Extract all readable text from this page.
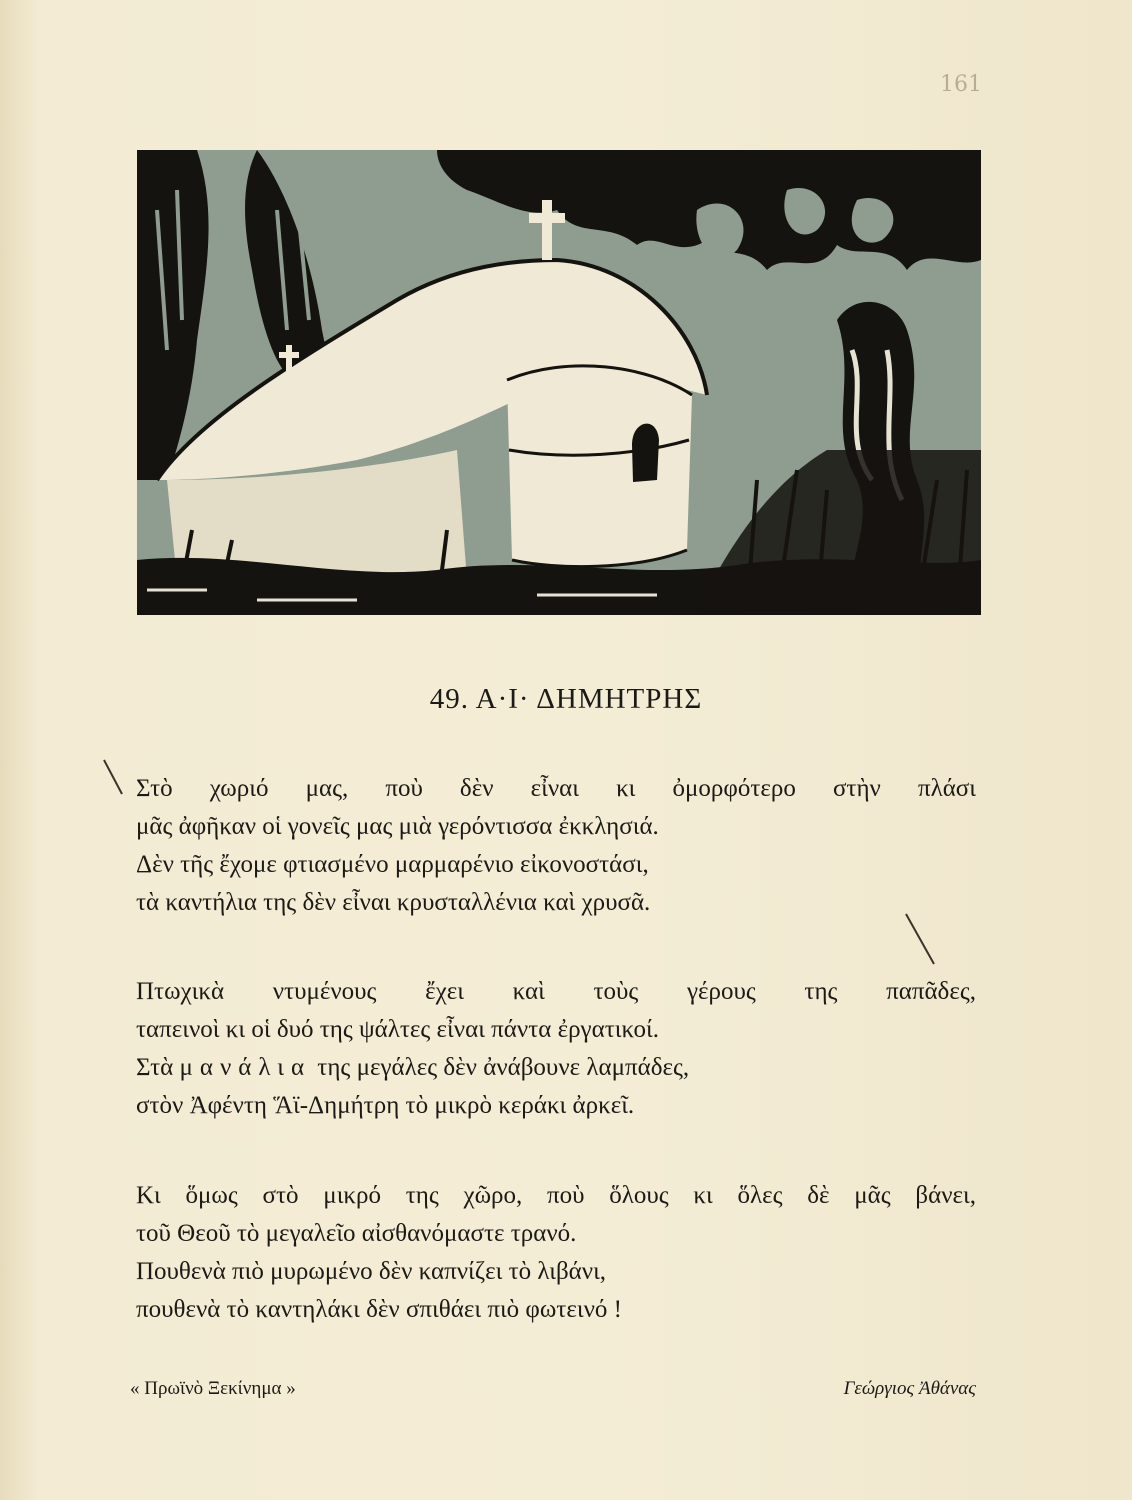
161
49. Α·Ι· ΔΗΜΗΤΡΗΣ
Στὸ χωριό μας, ποὺ δὲν εἶναι κι ὀμορφότερο στὴν πλάσι
μᾶς ἀφῆκαν οἱ γονεῖς μας μιὰ γερόντισσα ἐκκλησιά.
Δὲν τῆς ἔχομε φτιασμένο μαρμαρένιο εἰκονοστάσι,
τὰ καντήλια της δὲν εἶναι κρυσταλλένια καὶ χρυσᾶ.
Πτωχικὰ ντυμένους ἔχει καὶ τοὺς γέρους της παπᾶδες,
ταπεινοὶ κι οἱ δυό της ψάλτες εἶναι πάντα ἐργατικοί.
Στὰ μανάλια της μεγάλες δὲν ἀνάβουνε λαμπάδες,
στὸν Ἀφέντη Ἅϊ-Δημήτρη τὸ μικρὸ κεράκι ἀρκεῖ.
Κι ὅμως στὸ μικρό της χῶρο, ποὺ ὅλους κι ὅλες δὲ μᾶς βάνει,
τοῦ Θεοῦ τὸ μεγαλεῖο αἰσθανόμαστε τρανό.
Πουθενὰ πιὸ μυρωμένο δὲν καπνίζει τὸ λιβάνι,
πουθενὰ τὸ καντηλάκι δὲν σπιθάει πιὸ φωτεινό !
« Πρωϊνὸ Ξεκίνημα »	Γεώργιος Ἀθάνας
